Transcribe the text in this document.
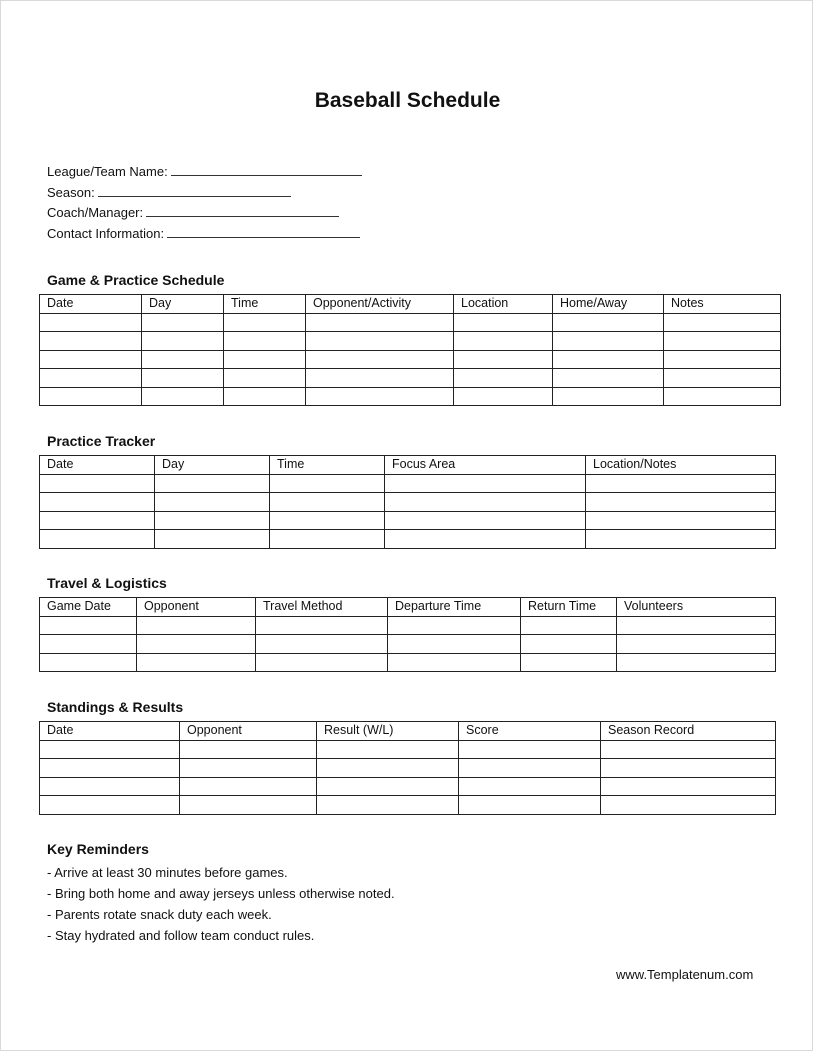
Baseball Schedule
League/Team Name:
Season:
Coach/Manager:
Contact Information:
Game & Practice Schedule
Date	Day	Time	Opponent/Activity	Location	Home/Away	Notes

Practice Tracker
Date	Day	Time	Focus Area	Location/Notes

Travel & Logistics
Game Date	Opponent	Travel Method	Departure Time	Return Time	Volunteers

Standings & Results
Date	Opponent	Result (W/L)	Score	Season Record

Key Reminders
- Arrive at least 30 minutes before games.
- Bring both home and away jerseys unless otherwise noted.
- Parents rotate snack duty each week.
- Stay hydrated and follow team conduct rules.
www.Templatenum.com
